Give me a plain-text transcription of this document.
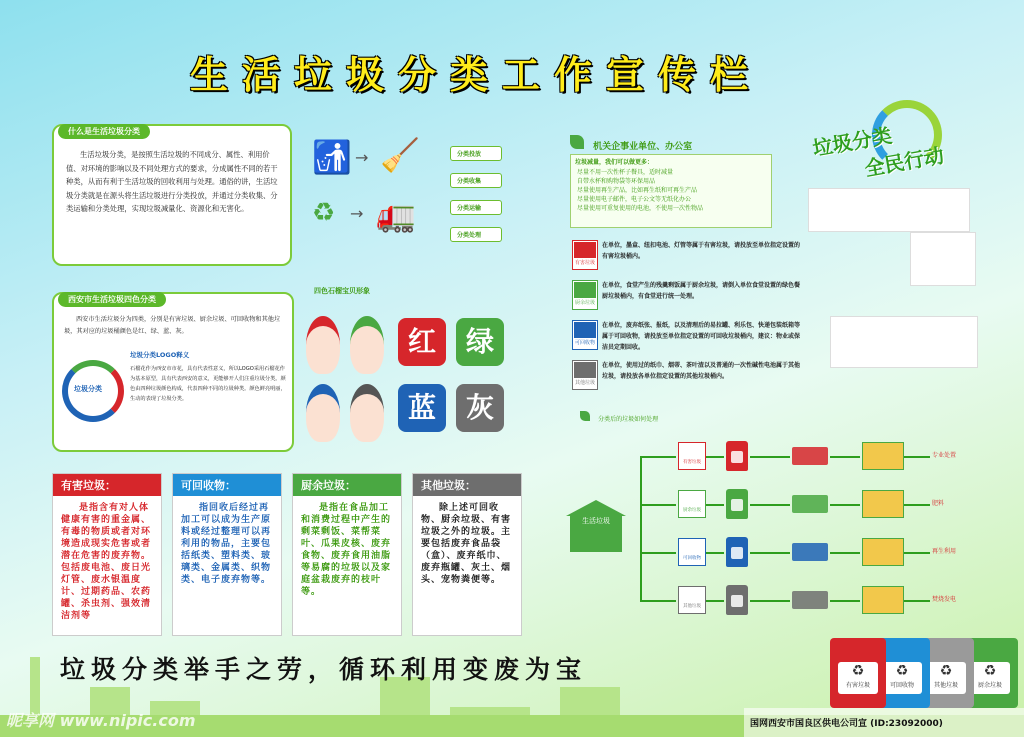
生活垃圾分类工作宣传栏
垃圾分类
全民行动
什么是生活垃圾分类
生活垃圾分类，是按照生活垃圾的不同成分、属性、利用价值、对环境的影响以及不同处理方式的要求，分成属性不同的若干种类，从而有利于生活垃圾的回收利用与处理。通俗的讲，生活垃圾分类就是在源头将生活垃圾进行分类投放，并通过分类收集、分类运输和分类处理，实现垃圾减量化、资源化和无害化。
🚮 → 🧹
♻ → 🚛
分类投放
分类收集
分类运输
分类处理
西安市生活垃圾四色分类
西安市生活垃圾分为四类，分别是有害垃圾、厨余垃圾、可回收物和其他垃圾，其对应的垃圾桶颜色是红、绿、蓝、灰。
垃圾分类LOGO释义
垃圾分类
石榴花作为西安市市花，具有代表性意义，所以LOGO采用石榴花作为基本原型，具有代表西安的意义，更能够开人们注重垃圾分类。颜色由四种垃圾颜色构成，代表四种不同的垃圾种类。颜色鲜亮明丽，生动的表现了垃圾分类。
四色石榴宝贝形象
红	绿
蓝	灰
机关企事业单位、办公室
垃圾减量，我们可以做更多：
尽量不用一次性杯子餐具，适时减量
自带水杯和购物袋等环保用品
尽量使用再生产品，比如再生纸和可再生产品
尽量使用电子邮件，电子公文等无纸化办公
尽量使用可重复使用的电池，不使用一次性物品
有害垃圾
在单位，墨盒、纽扣电池、灯管等属于有害垃圾，请投放至单位指定设置的有害垃圾桶内。
厨余垃圾
在单位，食堂产生的残羹剩饭属于厨余垃圾，请倒入单位食堂设置的绿色餐厨垃圾桶内，有食堂进行统一处理。
可回收物
在单位，废弃纸张、报纸，以及清理后的易拉罐、利乐包、快递包装纸箱等属于可回收物，请投放至单位指定设置的可回收垃圾桶内，建议：物业或保洁员定期回收。
其他垃圾
在单位，使用过的纸巾、烟蒂、茶叶渣以及普通的一次性碱性电池属于其他垃圾，请投放各单位指定设置的其他垃圾桶内。
分类后的垃圾如何处理
生活垃圾
有害垃圾
专业处置
厨余垃圾
肥料
可回收物
再生利用
其他垃圾
焚烧发电
有害垃圾：
是指含有对人体健康有害的重金属、有毒的物质或者对环境造成现实危害或者潜在危害的废弃物。包括废电池、废日光灯管、废水银温度计、过期药品、农药罐、杀虫剂、强效清洁剂等
可回收物：
指回收后经过再加工可以成为生产原料或经过整理可以再利用的物品，主要包括纸类、塑料类、玻璃类、金属类、织物类、电子废弃物等。
厨余垃圾：
是指在食品加工和消费过程中产生的剩菜剩饭、菜帮菜叶、瓜果皮核、废弃食物、废弃食用油脂等易腐的垃圾以及家庭盆栽废弃的枝叶等。
其他垃圾：
除上述可回收物、厨余垃圾、有害垃圾之外的垃圾。主要包括废弃食品袋（盒）、废弃纸巾、废弃瓶罐、灰土、烟头、宠物粪便等。
垃圾分类举手之劳，循环利用变废为宝	♻
有害垃圾
♻
可回收物
♻
其他垃圾
♻
厨余垃圾
昵享网 www.nipic.com	国网西安市国良区供电公司宣 (ID:23092000)
